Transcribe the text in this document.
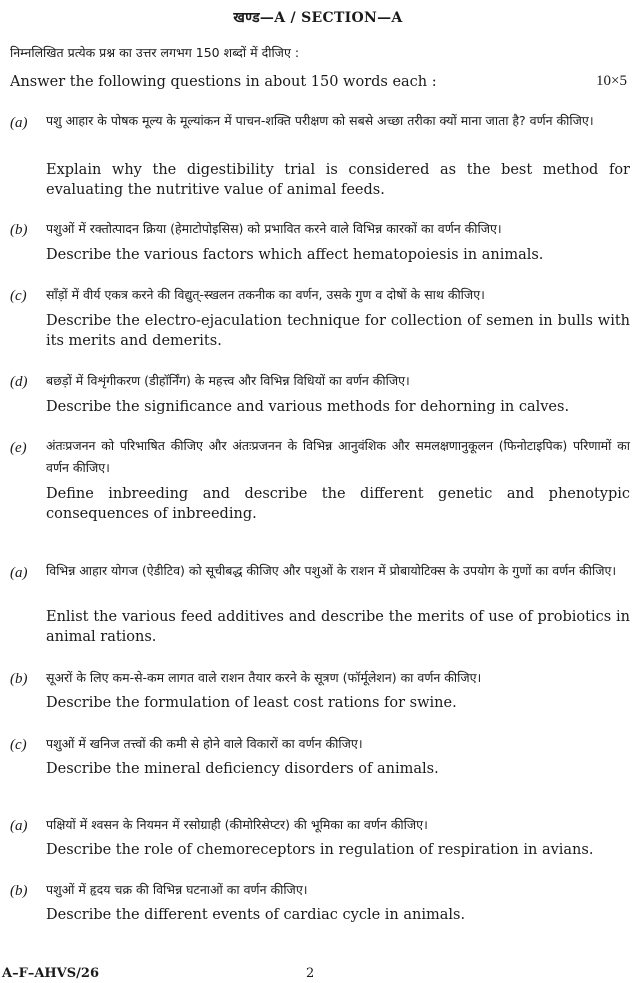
खण्ड—A / SECTION—A
निम्नलिखित प्रत्येक प्रश्न का उत्तर लगभग 150 शब्दों में दीजिए :
Answer the following questions in about 150 words each :	10×5
(a) पशु आहार के पोषक मूल्य के मूल्यांकन में पाचन-शक्ति परीक्षण को सबसे अच्छा तरीका क्यों माना जाता है? वर्णन कीजिए।
Explain why the digestibility trial is considered as the best method for evaluating the nutritive value of animal feeds.
(b) पशुओं में रक्तोत्पादन क्रिया (हेमाटोपोइसिस) को प्रभावित करने वाले विभिन्न कारकों का वर्णन कीजिए।
Describe the various factors which affect hematopoiesis in animals.
(c) साँड़ों में वीर्य एकत्र करने की विद्युत्-स्खलन तकनीक का वर्णन, उसके गुण व दोषों के साथ कीजिए।
Describe the electro-ejaculation technique for collection of semen in bulls with its merits and demerits.
(d) बछड़ों में विशृंगीकरण (डीहॉर्निंग) के महत्त्व और विभिन्न विधियों का वर्णन कीजिए।
Describe the significance and various methods for dehorning in calves.
(e) अंतःप्रजनन को परिभाषित कीजिए और अंतःप्रजनन के विभिन्न आनुवंशिक और समलक्षणानुकूलन (फिनोटाइपिक) परिणामों का वर्णन कीजिए।
Define inbreeding and describe the different genetic and phenotypic consequences of inbreeding.
(a) विभिन्न आहार योगज (ऐडीटिव) को सूचीबद्ध कीजिए और पशुओं के राशन में प्रोबायोटिक्स के उपयोग के गुणों का वर्णन कीजिए।
Enlist the various feed additives and describe the merits of use of probiotics in animal rations.
(b) सूअरों के लिए कम-से-कम लागत वाले राशन तैयार करने के सूत्रण (फॉर्मूलेशन) का वर्णन कीजिए।
Describe the formulation of least cost rations for swine.
(c) पशुओं में खनिज तत्त्वों की कमी से होने वाले विकारों का वर्णन कीजिए।
Describe the mineral deficiency disorders of animals.
(a) पक्षियों में श्वसन के नियमन में रसोग्राही (कीमोरिसेप्टर) की भूमिका का वर्णन कीजिए।
Describe the role of chemoreceptors in regulation of respiration in avians.
(b) पशुओं में हृदय चक्र की विभिन्न घटनाओं का वर्णन कीजिए।
Describe the different events of cardiac cycle in animals.
A–F–AHVS/26	2
